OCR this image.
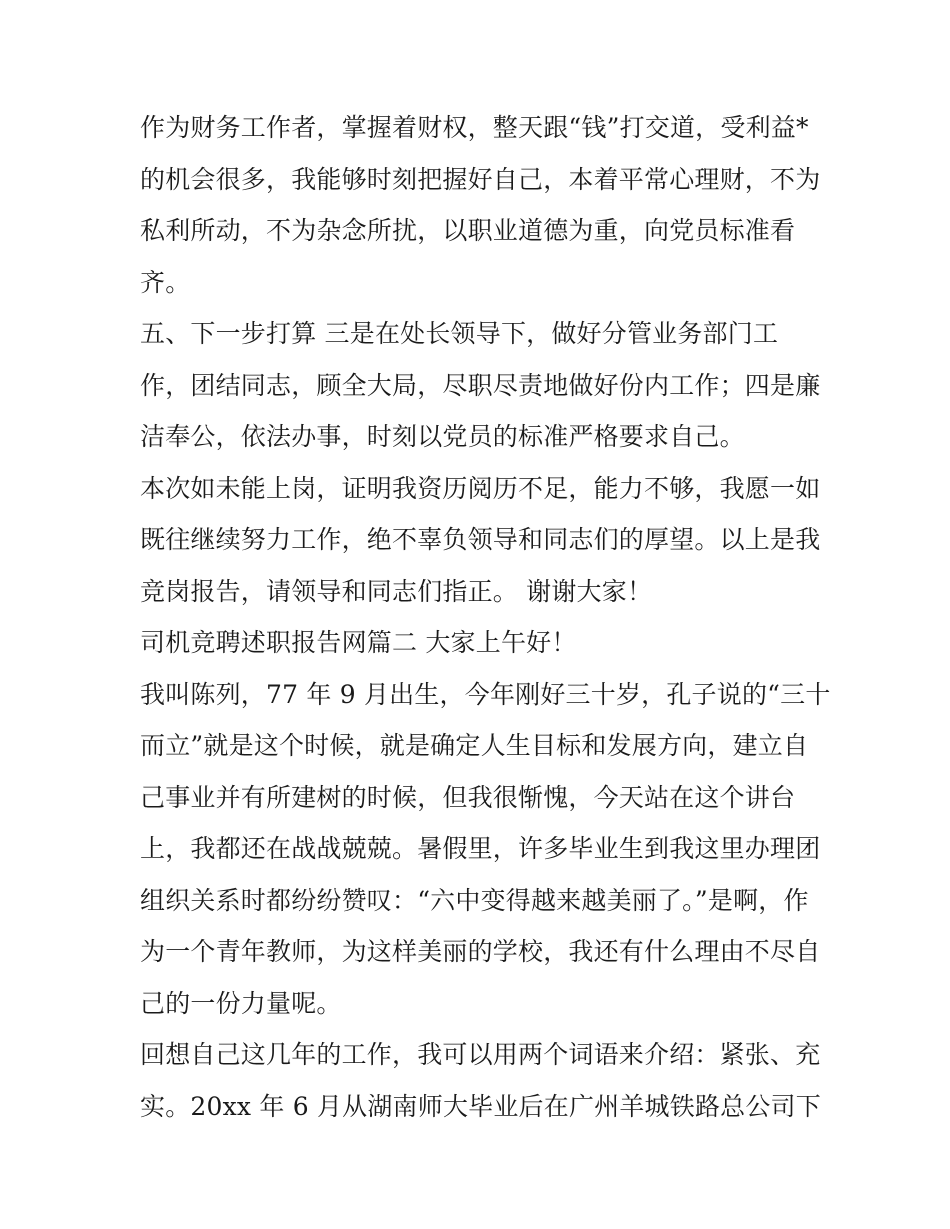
作为财务工作者，掌握着财权，整天跟“钱”打交道，受利益*
的机会很多，我能够时刻把握好自己，本着平常心理财，不为
私利所动，不为杂念所扰，以职业道德为重，向党员标准看
齐。
五、下一步打算 三是在处长领导下，做好分管业务部门工
作，团结同志，顾全大局，尽职尽责地做好份内工作；四是廉
洁奉公，依法办事，时刻以党员的标准严格要求自己。
本次如未能上岗，证明我资历阅历不足，能力不够，我愿一如
既往继续努力工作，绝不辜负领导和同志们的厚望。以上是我
竞岗报告，请领导和同志们指正。 谢谢大家！
司机竞聘述职报告网篇二 大家上午好！
我叫陈列，77 年 9 月出生，今年刚好三十岁，孔子说的“三十
而立”就是这个时候，就是确定人生目标和发展方向，建立自
己事业并有所建树的时候，但我很惭愧，今天站在这个讲台
上，我都还在战战兢兢。暑假里，许多毕业生到我这里办理团
组织关系时都纷纷赞叹：“六中变得越来越美丽了。”是啊，作
为一个青年教师，为这样美丽的学校，我还有什么理由不尽自
己的一份力量呢。
回想自己这几年的工作，我可以用两个词语来介绍：紧张、充
实。20xx 年 6 月从湖南师大毕业后在广州羊城铁路总公司下
